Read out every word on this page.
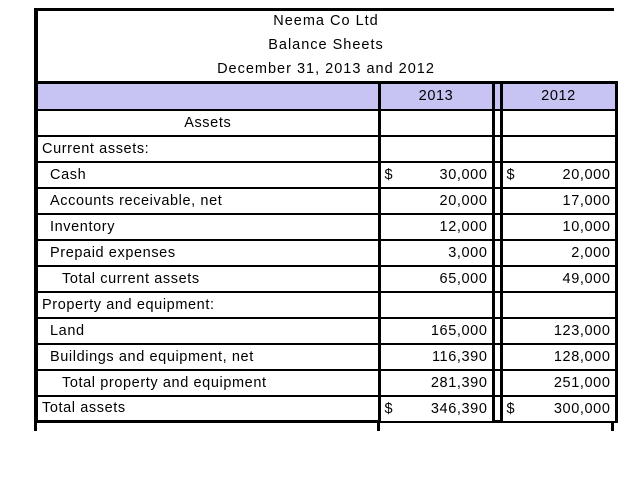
Neema Co Ltd
Balance Sheets
December 31, 2013 and 2012
	2013		2012
Assets			
Current assets:			
Cash	$ 30,000		$ 20,000
Accounts receivable, net	20,000		17,000
Inventory	12,000		10,000
Prepaid expenses	3,000		2,000
Total current assets	65,000		49,000
Property and equipment:			
Land	165,000		123,000
Buildings and equipment, net	116,390		128,000
Total property and equipment	281,390		251,000
Total assets	$ 346,390		$ 300,000
